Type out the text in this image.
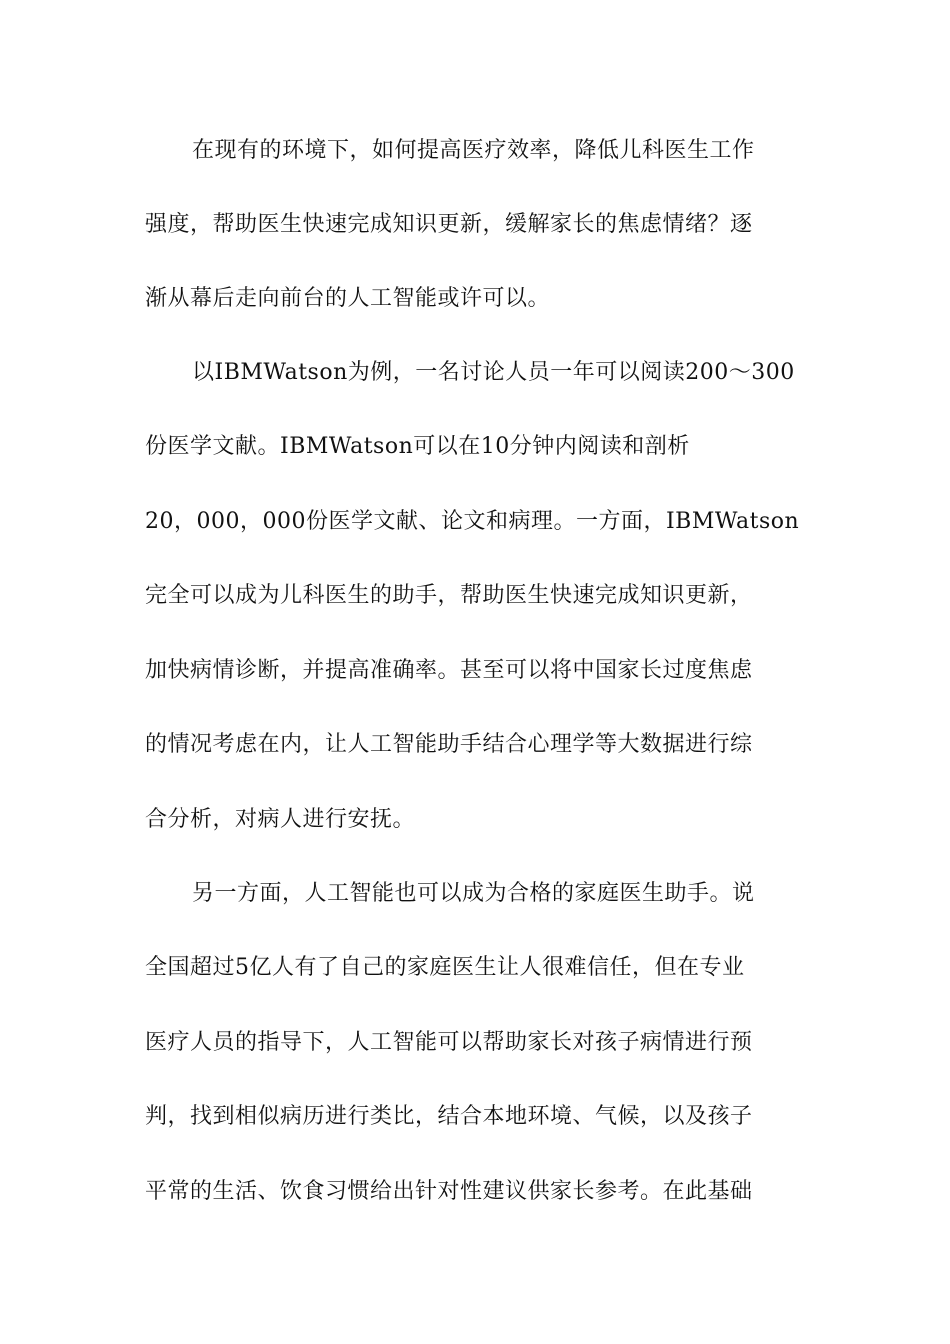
在现有的环境下，如何提高医疗效率，降低儿科医生工作
强度，帮助医生快速完成知识更新，缓解家长的焦虑情绪？逐
渐从幕后走向前台的人工智能或许可以。
以IBMWatson为例，一名讨论人员一年可以阅读200～300
份医学文献。IBMWatson可以在10分钟内阅读和剖析
20，000，000份医学文献、论文和病理。一方面，IBMWatson
完全可以成为儿科医生的助手，帮助医生快速完成知识更新，
加快病情诊断，并提高准确率。甚至可以将中国家长过度焦虑
的情况考虑在内，让人工智能助手结合心理学等大数据进行综
合分析，对病人进行安抚。
另一方面，人工智能也可以成为合格的家庭医生助手。说
全国超过5亿人有了自己的家庭医生让人很难信任，但在专业
医疗人员的指导下，人工智能可以帮助家长对孩子病情进行预
判，找到相似病历进行类比，结合本地环境、气候，以及孩子
平常的生活、饮食习惯给出针对性建议供家长参考。在此基础
